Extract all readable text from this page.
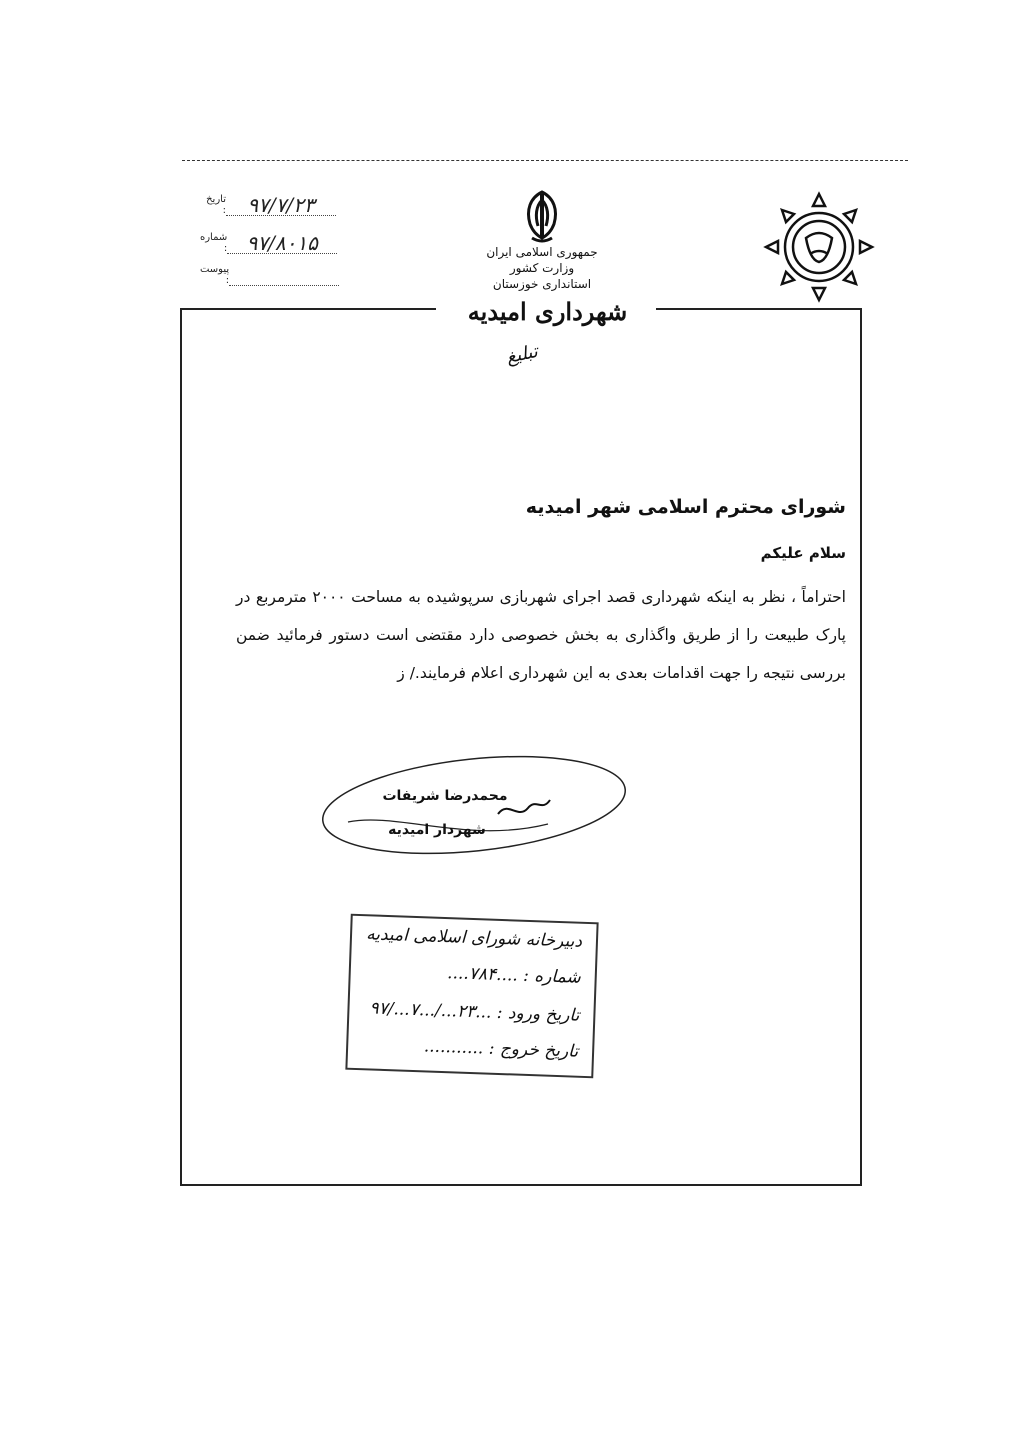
تاریخ :	۹۷/۷/۲۳
شماره : ۹۷/۸۰۱۵
پیوست :
جمهوری اسلامی ایران
وزارت کشور
استانداری خوزستان
شهرداری امیدیه
تبلیغ
شورای محترم اسلامی شهر امیدیه
سلام علیکم
احتراماً ، نظر به اینکه شهرداری قصد اجرای شهربازی سرپوشیده به مساحت ۲۰۰۰ مترمربع در پارک طبیعت را از طریق واگذاری به بخش خصوصی دارد مقتضی است دستور فرمائید ضمن بررسی نتیجه را جهت اقدامات بعدی به این شهرداری اعلام فرمایند./ ز
محمدرضا شریفات
شهردار امیدیه
دبیرخانه شورای اسلامی امیدیه
شماره : ....۷۸۴....
تاریخ ورود : ...۲۳.../...۷.../۹۷
تاریخ خروج : ...........
